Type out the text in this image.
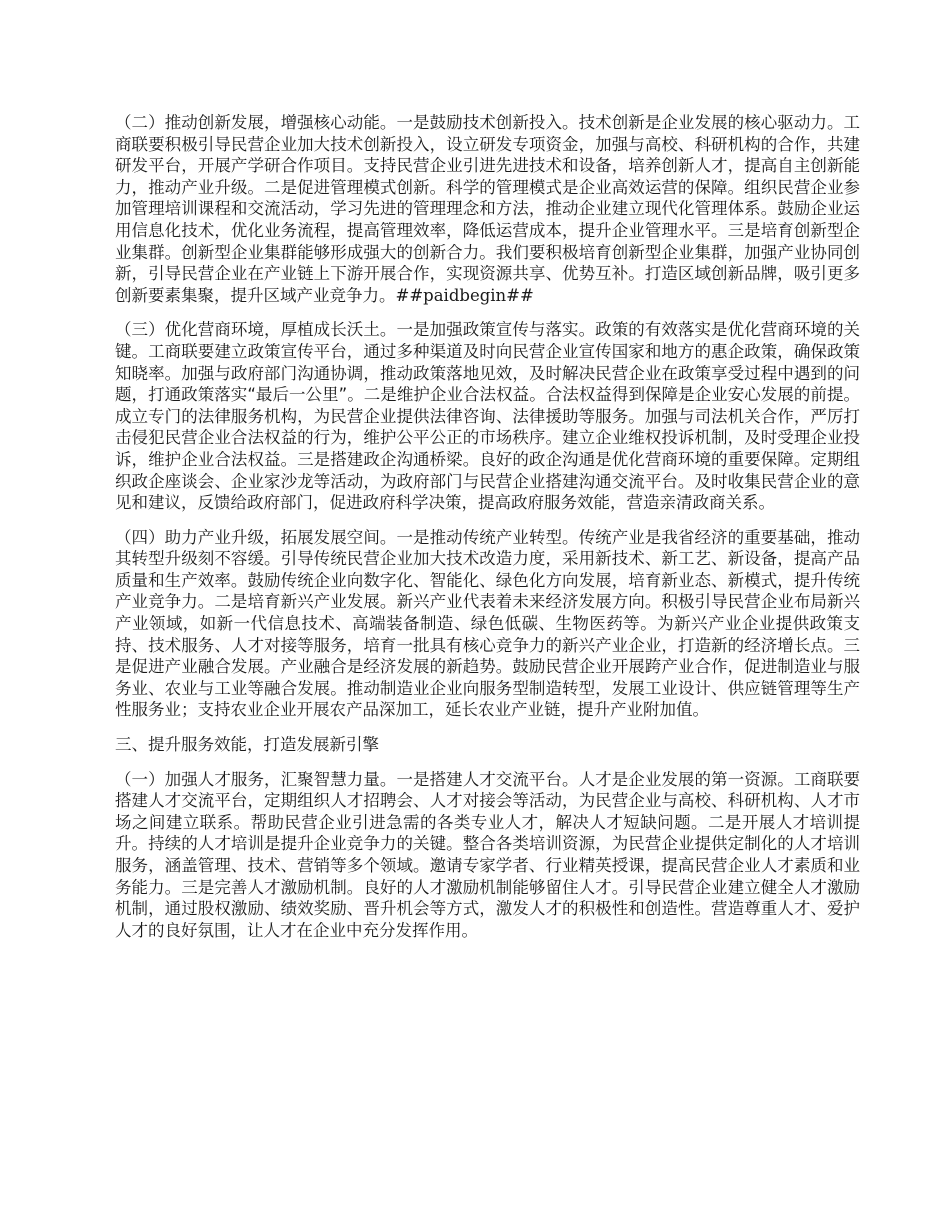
（二）推动创新发展，增强核心动能。一是鼓励技术创新投入。技术创新是企业发展的核心驱动力。工商联要积极引导民营企业加大技术创新投入，设立研发专项资金，加强与高校、科研机构的合作，共建研发平台，开展产学研合作项目。支持民营企业引进先进技术和设备，培养创新人才，提高自主创新能力，推动产业升级。二是促进管理模式创新。科学的管理模式是企业高效运营的保障。组织民营企业参加管理培训课程和交流活动，学习先进的管理理念和方法，推动企业建立现代化管理体系。鼓励企业运用信息化技术，优化业务流程，提高管理效率，降低运营成本，提升企业管理水平。三是培育创新型企业集群。创新型企业集群能够形成强大的创新合力。我们要积极培育创新型企业集群，加强产业协同创新，引导民营企业在产业链上下游开展合作，实现资源共享、优势互补。打造区域创新品牌，吸引更多创新要素集聚，提升区域产业竞争力。##paidbegin##

（三）优化营商环境，厚植成长沃土。一是加强政策宣传与落实。政策的有效落实是优化营商环境的关键。工商联要建立政策宣传平台，通过多种渠道及时向民营企业宣传国家和地方的惠企政策，确保政策知晓率。加强与政府部门沟通协调，推动政策落地见效，及时解决民营企业在政策享受过程中遇到的问题，打通政策落实“最后一公里”。二是维护企业合法权益。合法权益得到保障是企业安心发展的前提。成立专门的法律服务机构，为民营企业提供法律咨询、法律援助等服务。加强与司法机关合作，严厉打击侵犯民营企业合法权益的行为，维护公平公正的市场秩序。建立企业维权投诉机制，及时受理企业投诉，维护企业合法权益。三是搭建政企沟通桥梁。良好的政企沟通是优化营商环境的重要保障。定期组织政企座谈会、企业家沙龙等活动，为政府部门与民营企业搭建沟通交流平台。及时收集民营企业的意见和建议，反馈给政府部门，促进政府科学决策，提高政府服务效能，营造亲清政商关系。

（四）助力产业升级，拓展发展空间。一是推动传统产业转型。传统产业是我省经济的重要基础，推动其转型升级刻不容缓。引导传统民营企业加大技术改造力度，采用新技术、新工艺、新设备，提高产品质量和生产效率。鼓励传统企业向数字化、智能化、绿色化方向发展，培育新业态、新模式，提升传统产业竞争力。二是培育新兴产业发展。新兴产业代表着未来经济发展方向。积极引导民营企业布局新兴产业领域，如新一代信息技术、高端装备制造、绿色低碳、生物医药等。为新兴产业企业提供政策支持、技术服务、人才对接等服务，培育一批具有核心竞争力的新兴产业企业，打造新的经济增长点。三是促进产业融合发展。产业融合是经济发展的新趋势。鼓励民营企业开展跨产业合作，促进制造业与服务业、农业与工业等融合发展。推动制造业企业向服务型制造转型，发展工业设计、供应链管理等生产性服务业；支持农业企业开展农产品深加工，延长农业产业链，提升产业附加值。

三、提升服务效能，打造发展新引擎

（一）加强人才服务，汇聚智慧力量。一是搭建人才交流平台。人才是企业发展的第一资源。工商联要搭建人才交流平台，定期组织人才招聘会、人才对接会等活动，为民营企业与高校、科研机构、人才市场之间建立联系。帮助民营企业引进急需的各类专业人才，解决人才短缺问题。二是开展人才培训提升。持续的人才培训是提升企业竞争力的关键。整合各类培训资源，为民营企业提供定制化的人才培训服务，涵盖管理、技术、营销等多个领域。邀请专家学者、行业精英授课，提高民营企业人才素质和业务能力。三是完善人才激励机制。良好的人才激励机制能够留住人才。引导民营企业建立健全人才激励机制，通过股权激励、绩效奖励、晋升机会等方式，激发人才的积极性和创造性。营造尊重人才、爱护人才的良好氛围，让人才在企业中充分发挥作用。
